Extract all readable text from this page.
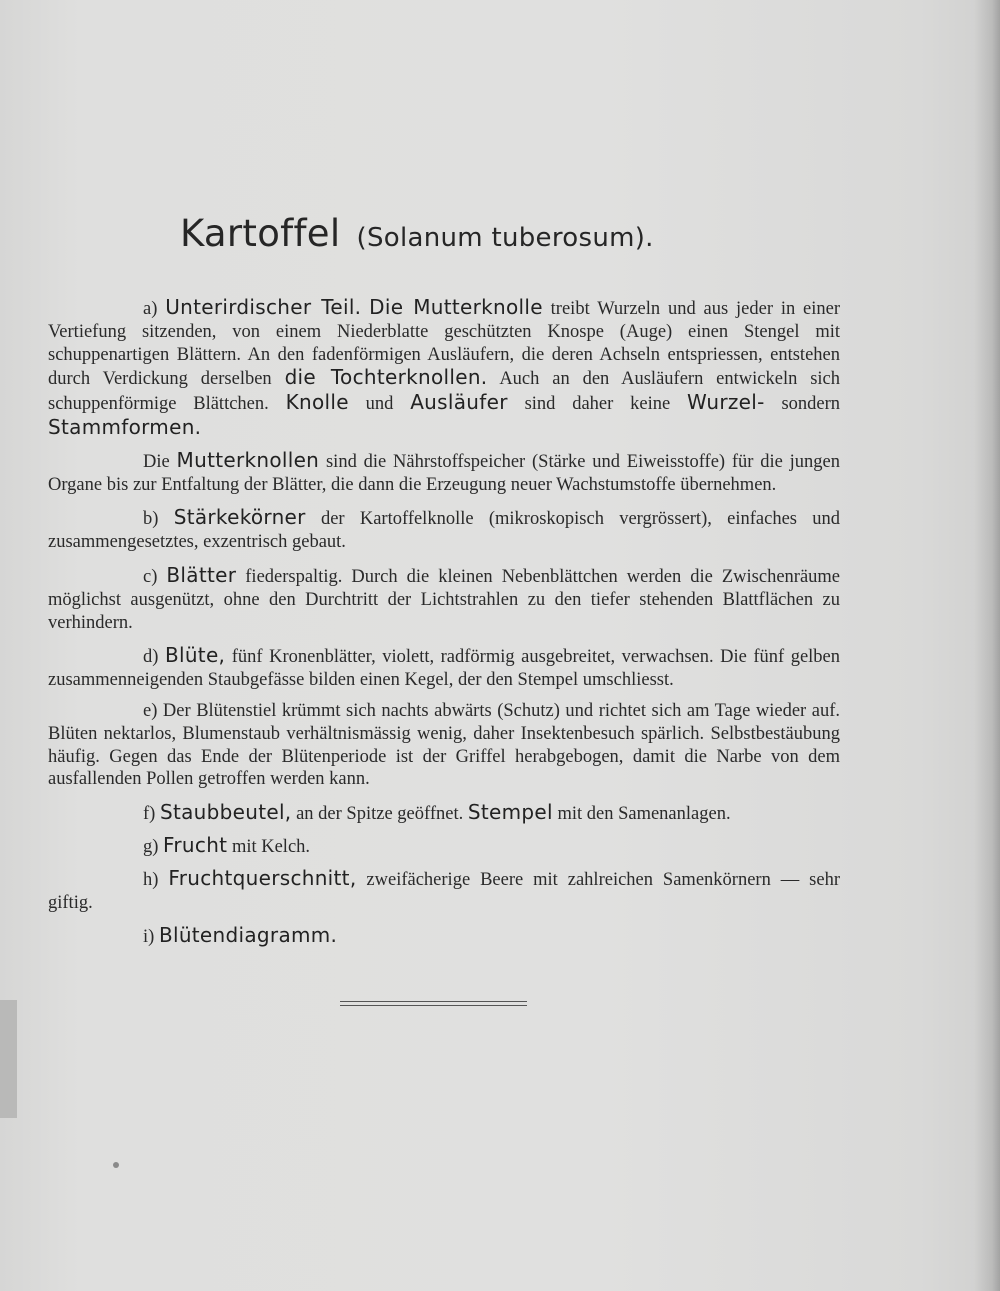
Kartoffel (Solanum tuberosum).

a) Unterirdischer Teil. Die Mutterknolle treibt Wurzeln und aus jeder in einer Vertiefung sitzenden, von einem Niederblatte geschützten Knospe (Auge) einen Stengel mit schuppenartigen Blättern. An den fadenförmigen Ausläufern, die deren Achseln entspriessen, entstehen durch Verdickung derselben die Tochterknollen. Auch an den Ausläufern entwickeln sich schuppenförmige Blättchen. Knolle und Ausläufer sind daher keine Wurzel- sondern Stammformen.

Die Mutterknollen sind die Nährstoffspeicher (Stärke und Eiweisstoffe) für die jungen Organe bis zur Entfaltung der Blätter, die dann die Erzeugung neuer Wachstumstoffe übernehmen.

b) Stärkekörner der Kartoffelknolle (mikroskopisch vergrössert), einfaches und zusammengesetztes, exzentrisch gebaut.

c) Blätter fiederspaltig. Durch die kleinen Nebenblättchen werden die Zwischenräume möglichst ausgenützt, ohne den Durchtritt der Lichtstrahlen zu den tiefer stehenden Blattflächen zu verhindern.

d) Blüte, fünf Kronenblätter, violett, radförmig ausgebreitet, verwachsen. Die fünf gelben zusammenneigenden Staubgefässe bilden einen Kegel, der den Stempel umschliesst.

e) Der Blütenstiel krümmt sich nachts abwärts (Schutz) und richtet sich am Tage wieder auf. Blüten nektarlos, Blumenstaub verhältnismässig wenig, daher Insektenbesuch spärlich. Selbstbestäubung häufig. Gegen das Ende der Blütenperiode ist der Griffel herabgebogen, damit die Narbe von dem ausfallenden Pollen getroffen werden kann.

f) Staubbeutel, an der Spitze geöffnet. Stempel mit den Samenanlagen.

g) Frucht mit Kelch.

h) Fruchtquerschnitt, zweifächerige Beere mit zahlreichen Samenkörnern — sehr giftig.

i) Blütendiagramm.
